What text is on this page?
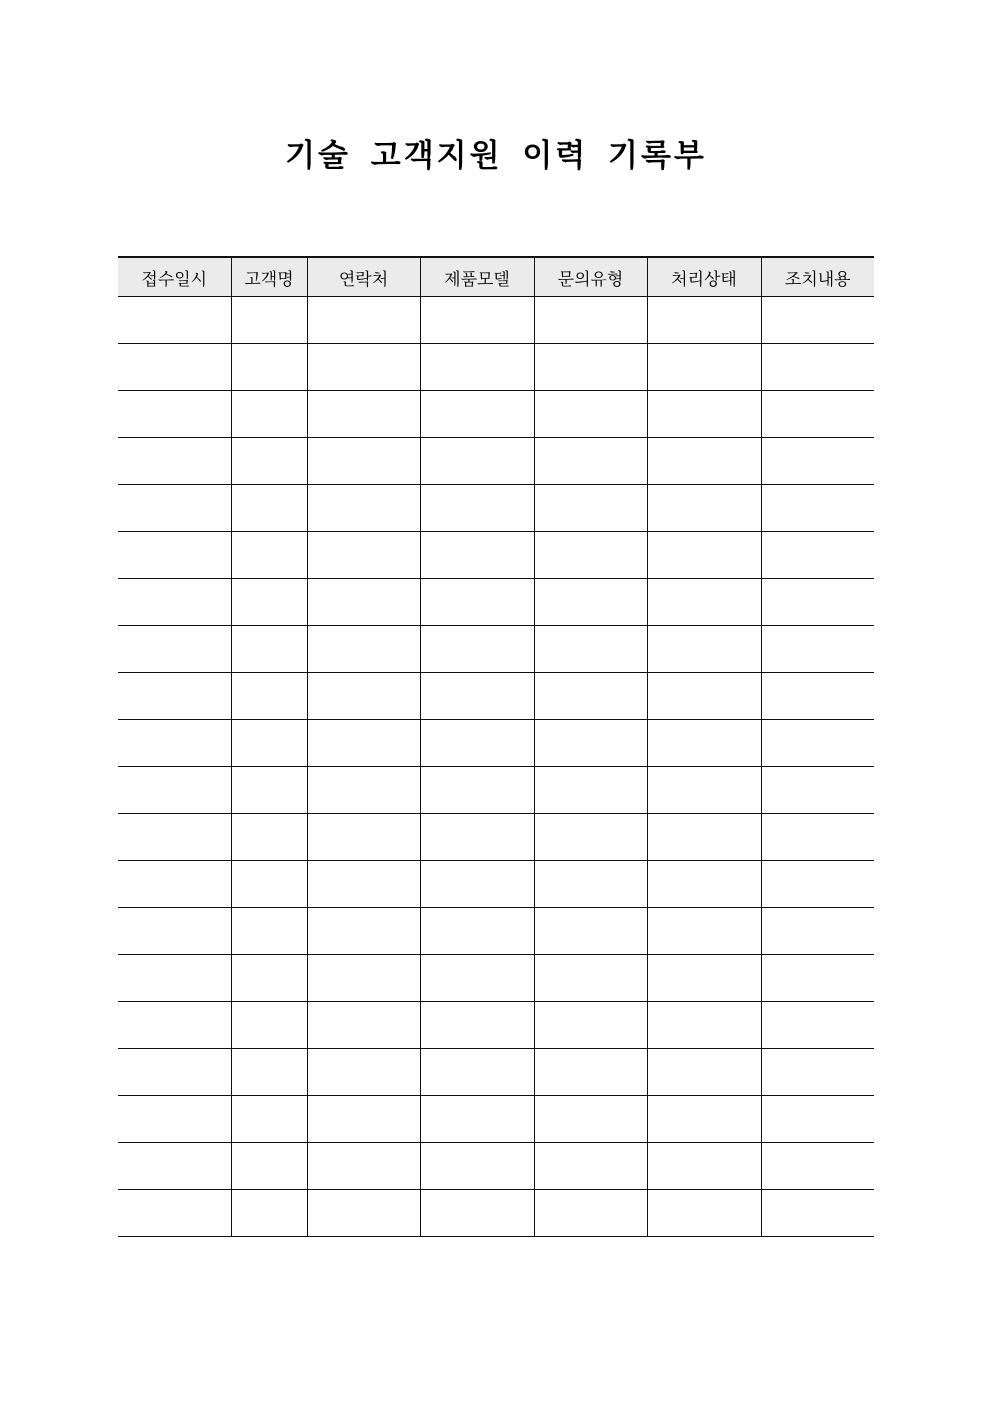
기술 고객지원 이력 기록부
접수일시	고객명	연락처	제품모델	문의유형	처리상태	조치내용
